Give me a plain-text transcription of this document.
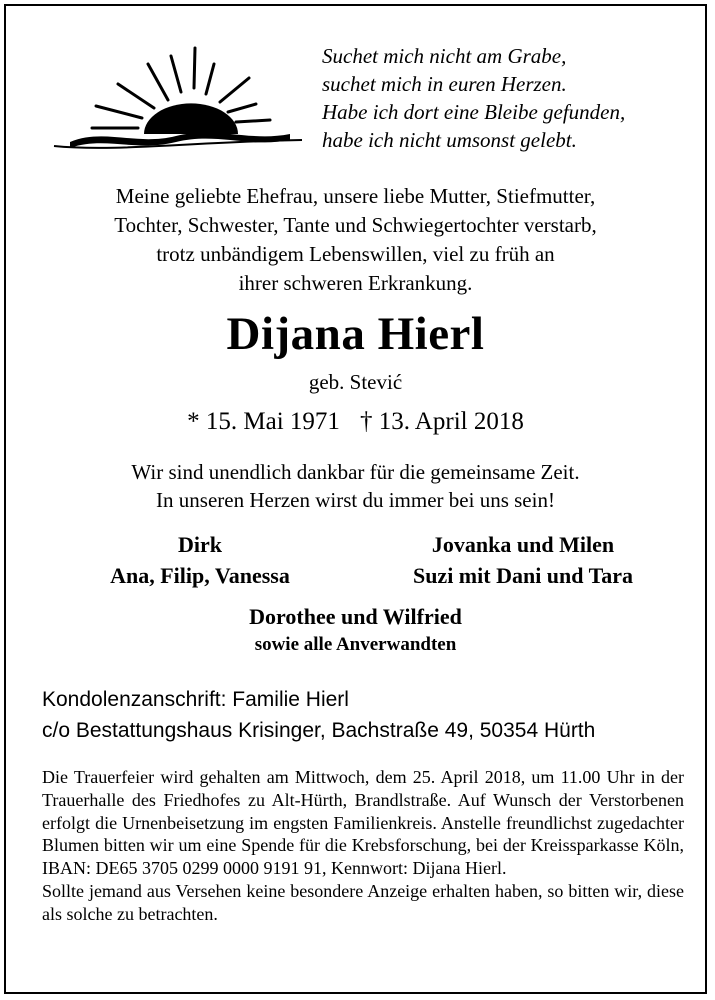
Suchet mich nicht am Grabe,
suchet mich in euren Herzen.
Habe ich dort eine Bleibe gefunden,
habe ich nicht umsonst gelebt.
Meine geliebte Ehefrau, unsere liebe Mutter, Stiefmutter,
Tochter, Schwester, Tante und Schwiegertochter verstarb,
trotz unbändigem Lebenswillen, viel zu früh an
ihrer schweren Erkrankung.
Dijana Hierl
geb. Stević
* 15. Mai 1971 † 13. April 2018
Wir sind unendlich dankbar für die gemeinsame Zeit.
In unseren Herzen wirst du immer bei uns sein!
Dirk
Ana, Filip, Vanessa
Jovanka und Milen
Suzi mit Dani und Tara
Dorothee und Wilfried
sowie alle Anverwandten
Kondolenzanschrift: Familie Hierl
c/o Bestattungshaus Krisinger, Bachstraße 49, 50354 Hürth
Die Trauerfeier wird gehalten am Mittwoch, dem 25. April 2018, um 11.00 Uhr in der Trauerhalle des Friedhofes zu Alt-Hürth, Brandlstraße. Auf Wunsch der Verstorbenen erfolgt die Urnenbeisetzung im engsten Familienkreis. Anstelle freundlichst zugedachter Blumen bitten wir um eine Spende für die Krebsforschung, bei der Kreissparkasse Köln, IBAN: DE65 3705 0299 0000 9191 91, Kennwort: Dijana Hierl.
Sollte jemand aus Versehen keine besondere Anzeige erhalten haben, so bitten wir, diese als solche zu betrachten.
